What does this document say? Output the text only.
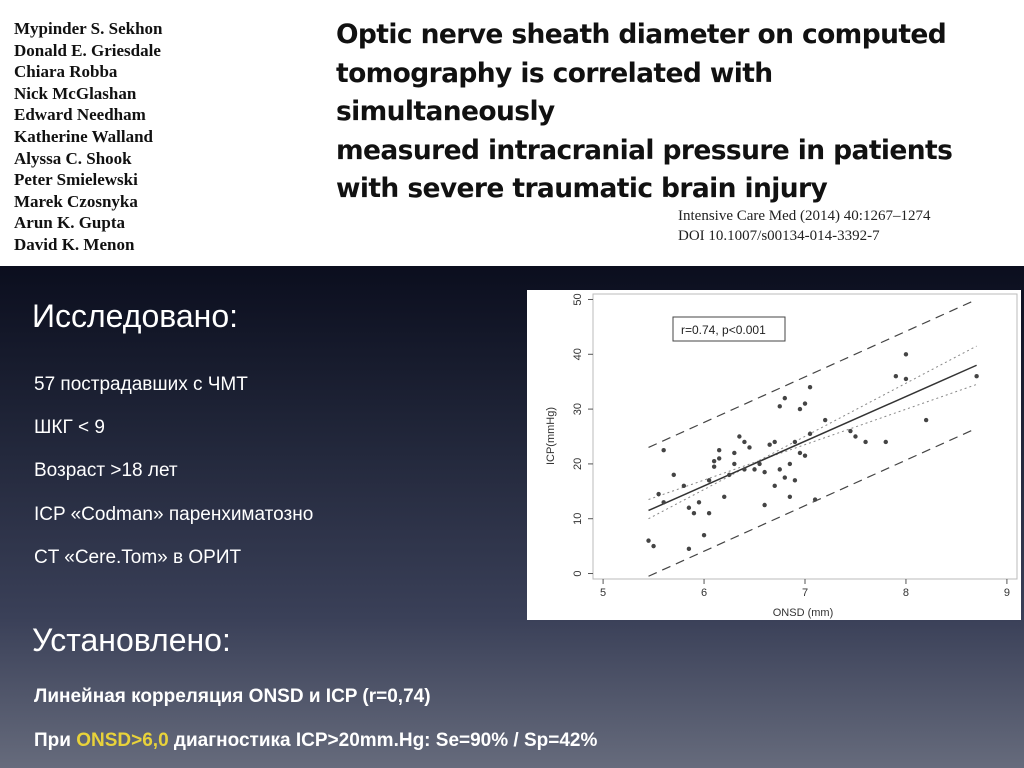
Mypinder S. Sekhon
Donald E. Griesdale
Chiara Robba
Nick McGlashan
Edward Needham
Katherine Walland
Alyssa C. Shook
Peter Smielewski
Marek Czosnyka
Arun K. Gupta
David K. Menon
Optic nerve sheath diameter on computed
tomography is correlated with simultaneously
measured intracranial pressure in patients
with severe traumatic brain injury
Intensive Care Med (2014) 40:1267–1274
DOI 10.1007/s00134-014-3392-7
Исследовано:
57 пострадавших с ЧМТ
ШКГ < 9
Возраст >18 лет
ICP «Codman» паренхиматозно
CT «Cere.Tom» в ОРИТ
Установлено:
Линейная корреляция ONSD и ICP (r=0,74)
При ONSD>6,0 диагностика ICP>20mm.Hg: Se=90% / Sp=42%
5	6	7	8	9
0
10
20
30
40
50
r=0.74, p<0.001
ONSD (mm)
ICP(mmHg)
